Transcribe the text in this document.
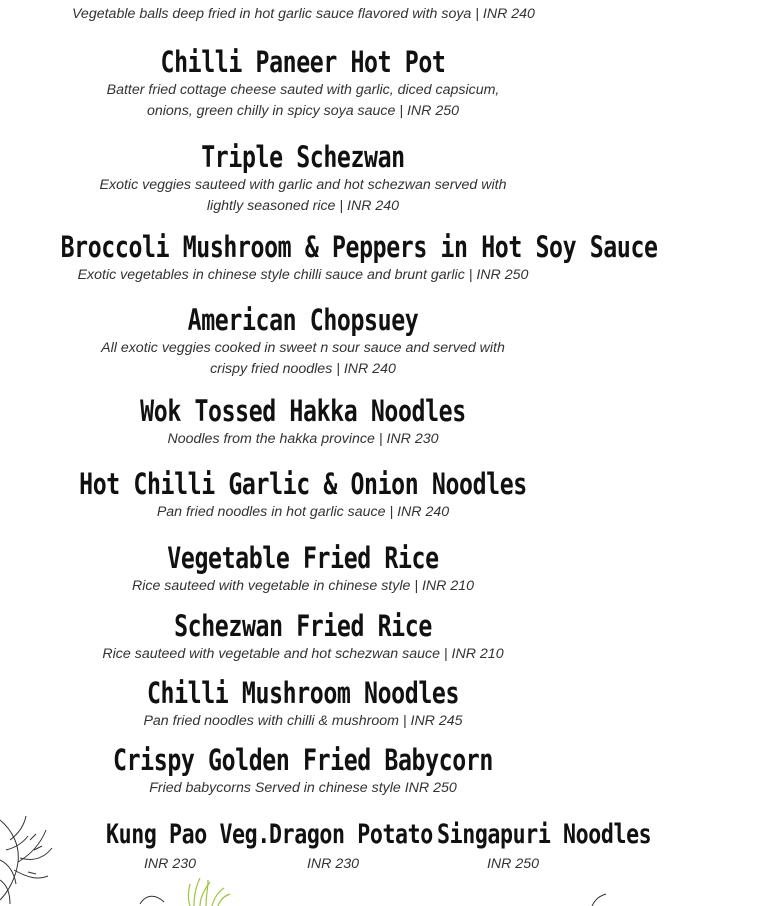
Vegetable balls deep fried in hot garlic sauce flavored with soya | INR 240
Chilli Paneer Hot Pot
Batter fried cottage cheese sauted with garlic, diced capsicum,
onions, green chilly in spicy soya sauce | INR 250
Triple Schezwan
Exotic veggies sauteed with garlic and hot schezwan served with
lightly seasoned rice | INR 240
Broccoli Mushroom & Peppers in Hot Soy Sauce
Exotic vegetables in chinese style chilli sauce and brunt garlic | INR 250
American Chopsuey
All exotic veggies cooked in sweet n sour sauce and served with
crispy fried noodles | INR 240
Wok Tossed Hakka Noodles
Noodles from the hakka province | INR 230
Hot Chilli Garlic & Onion Noodles
Pan fried noodles in hot garlic sauce | INR 240
Vegetable Fried Rice
Rice sauteed with vegetable in chinese style | INR 210
Schezwan Fried Rice
Rice sauteed with vegetable and hot schezwan sauce | INR 210
Chilli Mushroom Noodles
Pan fried noodles with chilli & mushroom | INR 245
Crispy Golden Fried Babycorn
Fried babycorns Served in chinese style INR 250
Kung Pao Veg.
INR 230
Dragon Potato
INR 230
Singapuri Noodles
INR 250
